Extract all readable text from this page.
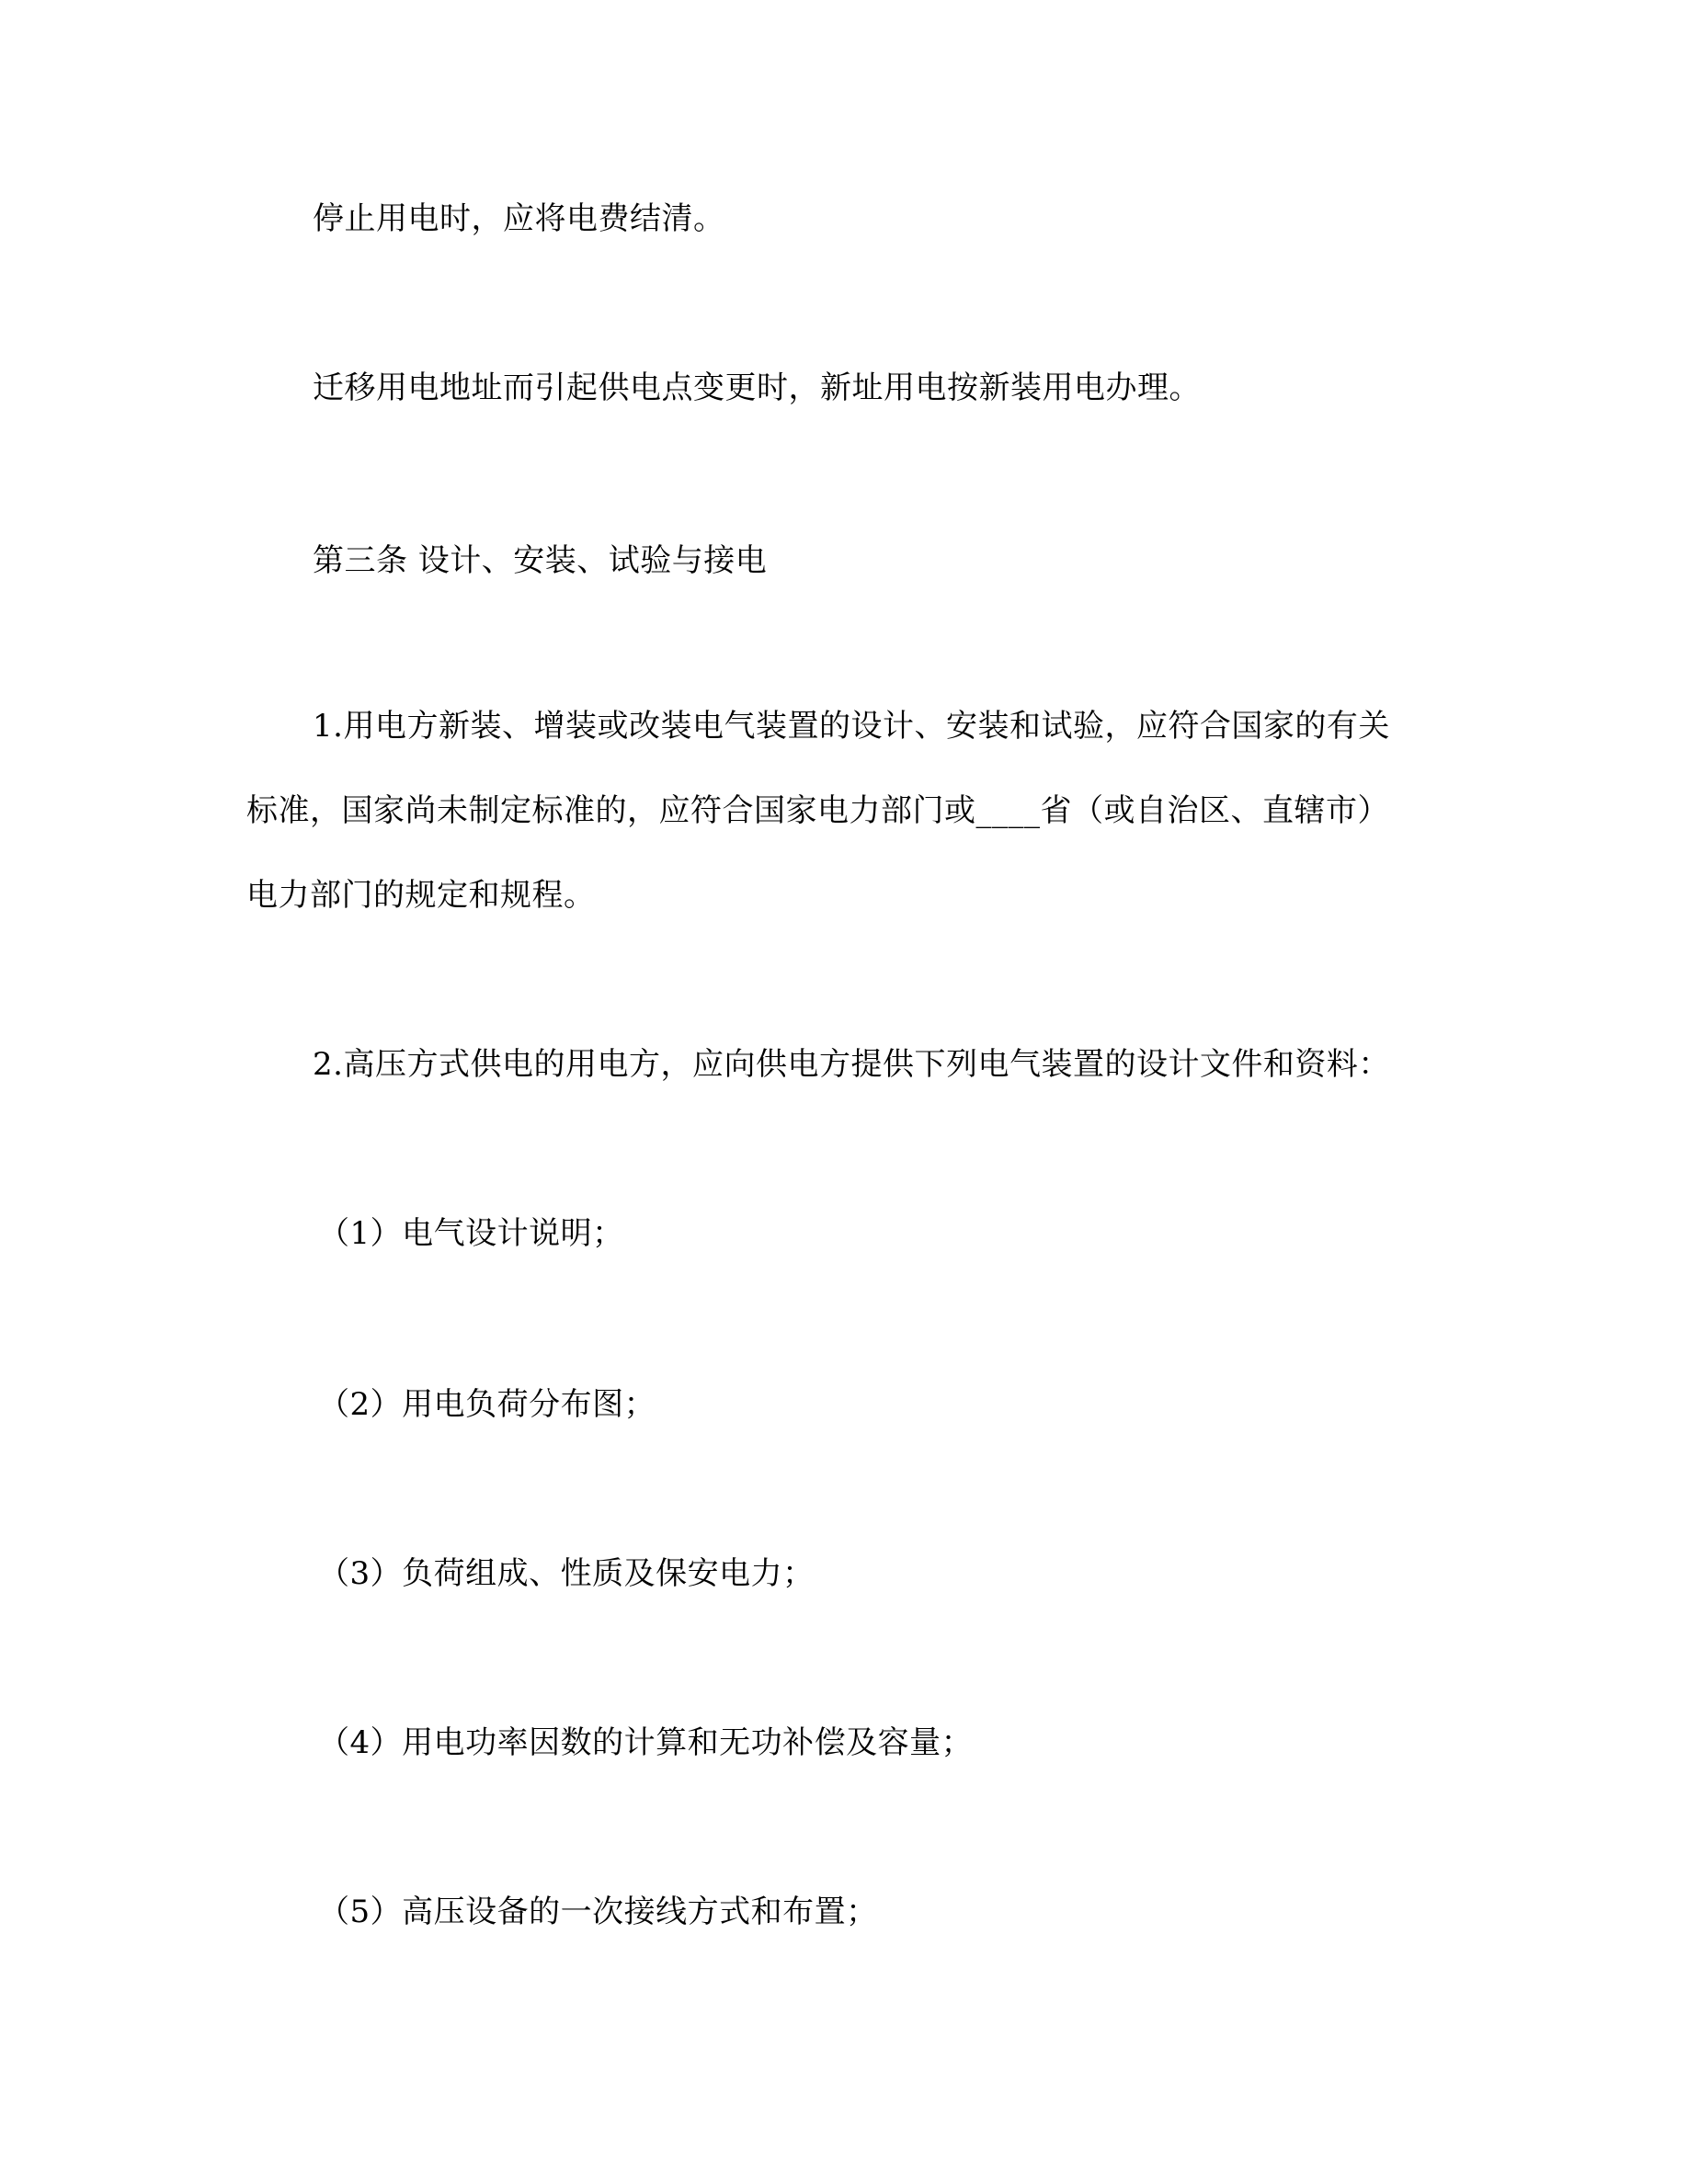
停止用电时，应将电费结清。
迁移用电地址而引起供电点变更时，新址用电按新装用电办理。
第三条 设计、安装、试验与接电
1.用电方新装、增装或改装电气装置的设计、安装和试验，应符合国家的有关
标准，国家尚未制定标准的，应符合国家电力部门或____省（或自治区、直辖市）
电力部门的规定和规程。
2.高压方式供电的用电方，应向供电方提供下列电气装置的设计文件和资料：
（1）电气设计说明；
（2）用电负荷分布图；
（3）负荷组成、性质及保安电力；
（4）用电功率因数的计算和无功补偿及容量；
（5）高压设备的一次接线方式和布置；
